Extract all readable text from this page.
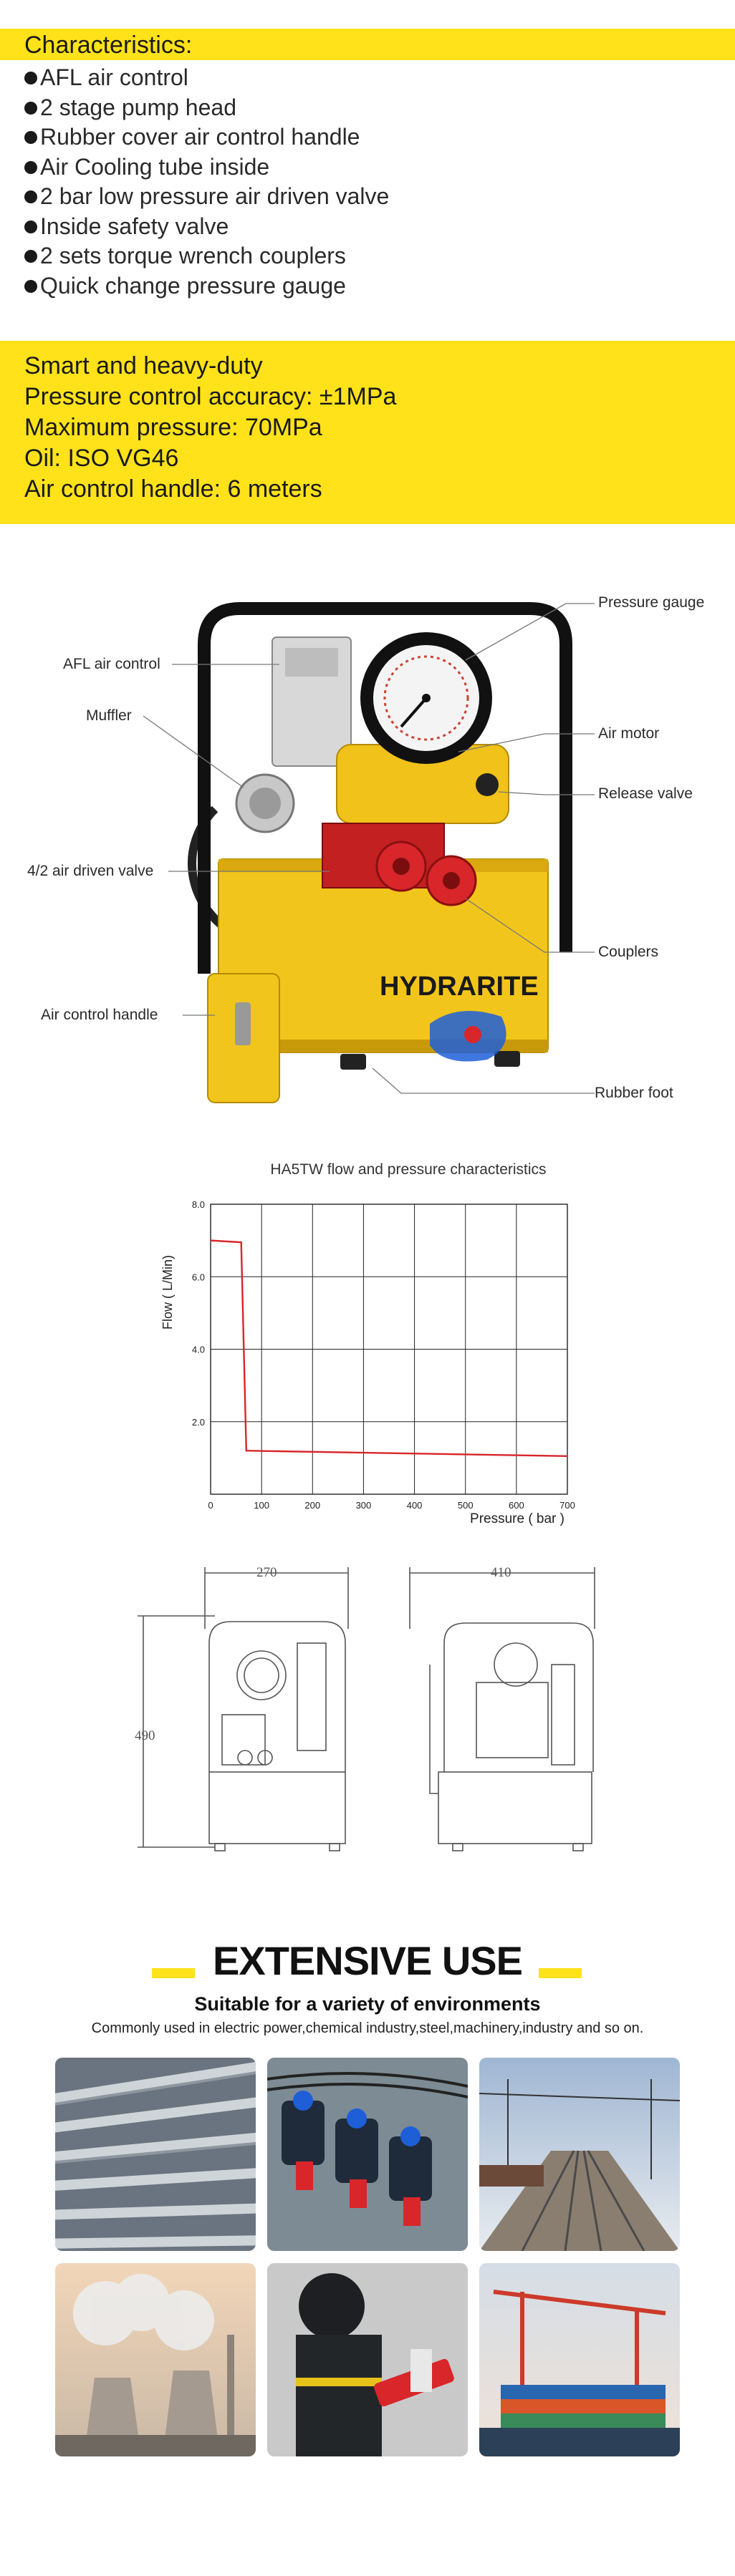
Characteristics:
AFL air control
2 stage pump head
Rubber cover air control handle
Air Cooling tube inside
2 bar low pressure air driven valve
Inside safety valve
2 sets torque wrench couplers
Quick change pressure gauge
Smart and heavy-duty
Pressure control accuracy: ±1MPa
Maximum pressure: 70MPa
Oil: ISO VG46
Air control handle: 6 meters
HYDRARITE
Pressure gauge
AFL air control
Muffler
Air motor
Release valve
4/2 air driven valve
Couplers
Air control handle
Rubber foot
HA5TW flow and pressure characteristics
0	100	200	300	400	500	600	700
2.0
4.0
6.0
8.0
Flow ( L/Min)
Pressure ( bar )
270	410
490
EXTENSIVE USE
Suitable for a variety of environments
Commonly used in electric power,chemical industry,steel,machinery,industry and so on.
